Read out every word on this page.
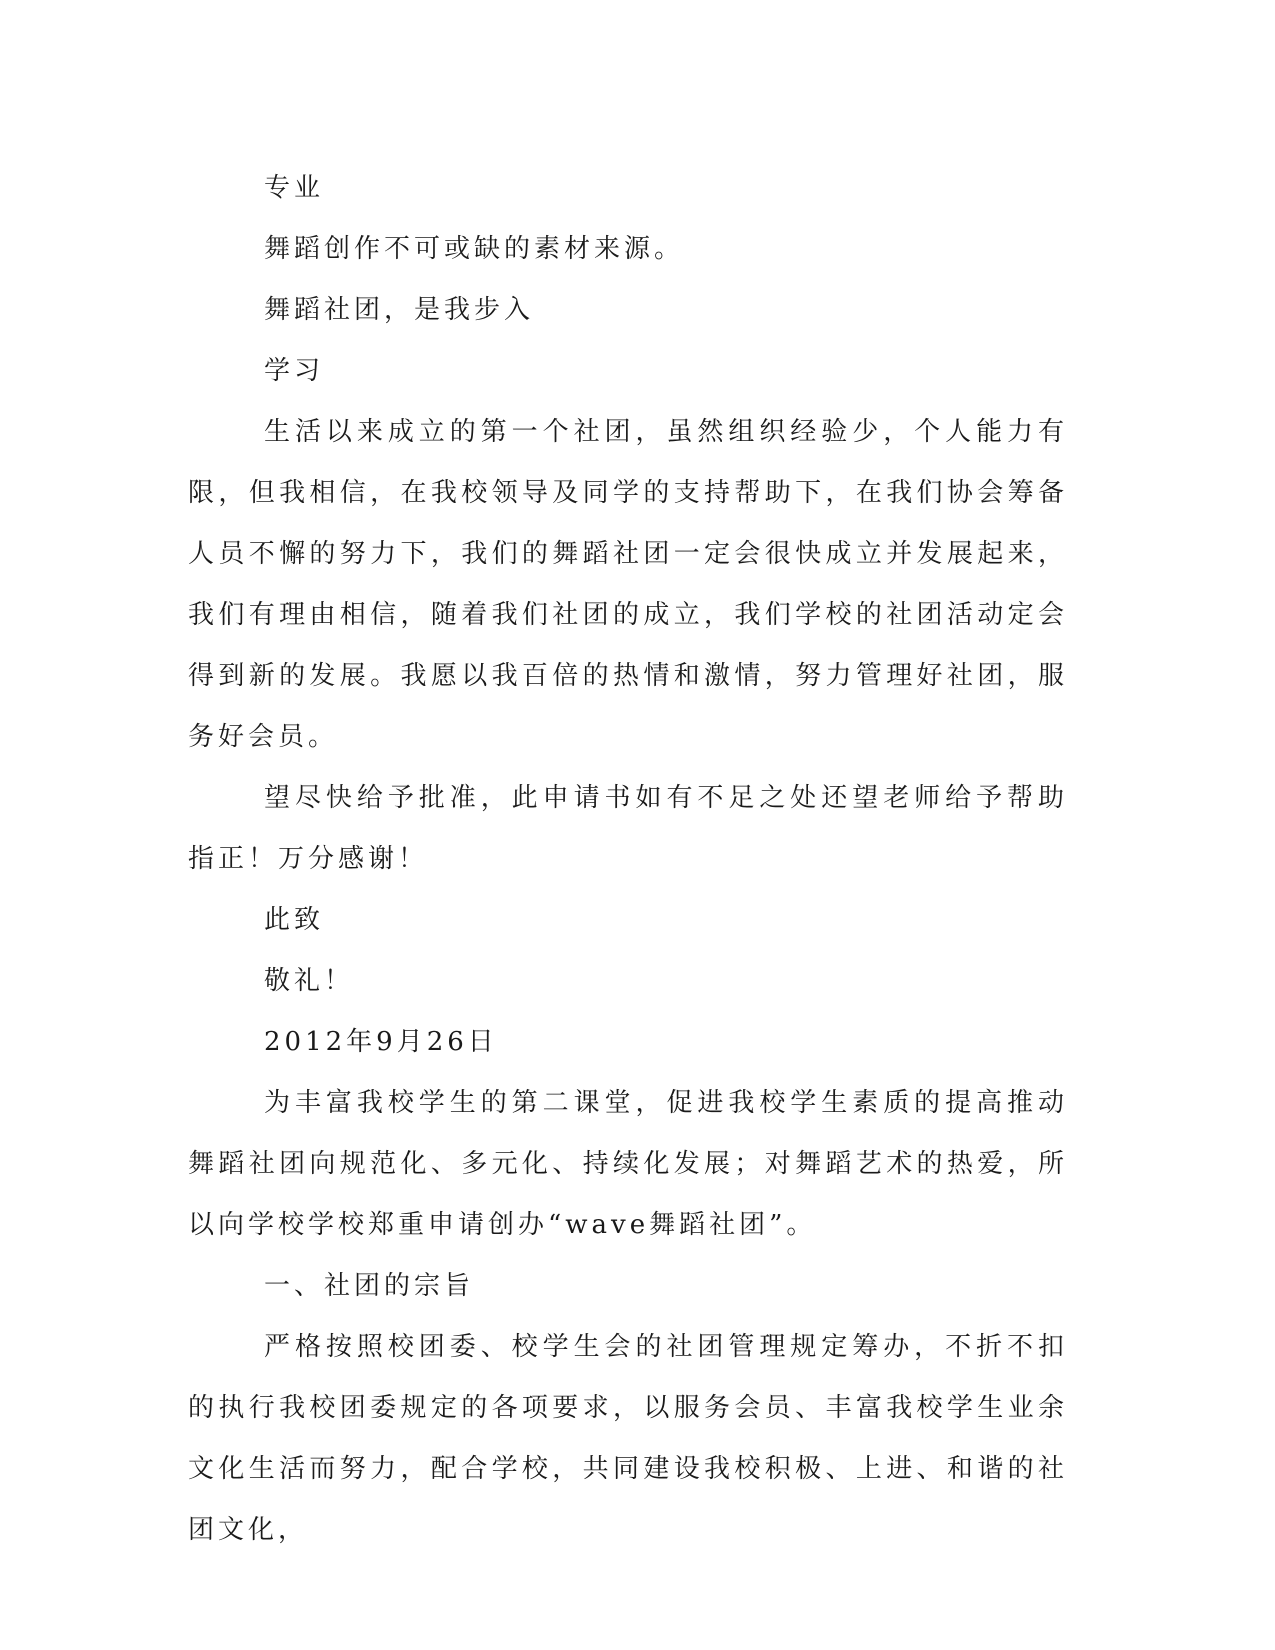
专业

舞蹈创作不可或缺的素材来源。

舞蹈社团，是我步入

学习

生活以来成立的第一个社团，虽然组织经验少，个人能力有限，但我相信，在我校领导及同学的支持帮助下，在我们协会筹备人员不懈的努力下，我们的舞蹈社团一定会很快成立并发展起来，我们有理由相信，随着我们社团的成立，我们学校的社团活动定会得到新的发展。我愿以我百倍的热情和激情，努力管理好社团，服务好会员。

望尽快给予批准，此申请书如有不足之处还望老师给予帮助指正！万分感谢！

此致

敬礼！

2012年9月26日

为丰富我校学生的第二课堂，促进我校学生素质的提高推动舞蹈社团向规范化、多元化、持续化发展；对舞蹈艺术的热爱，所以向学校学校郑重申请创办“wave舞蹈社团”。

一、社团的宗旨

严格按照校团委、校学生会的社团管理规定筹办，不折不扣的执行我校团委规定的各项要求，以服务会员、丰富我校学生业余文化生活而努力，配合学校，共同建设我校积极、上进、和谐的社团文化，
